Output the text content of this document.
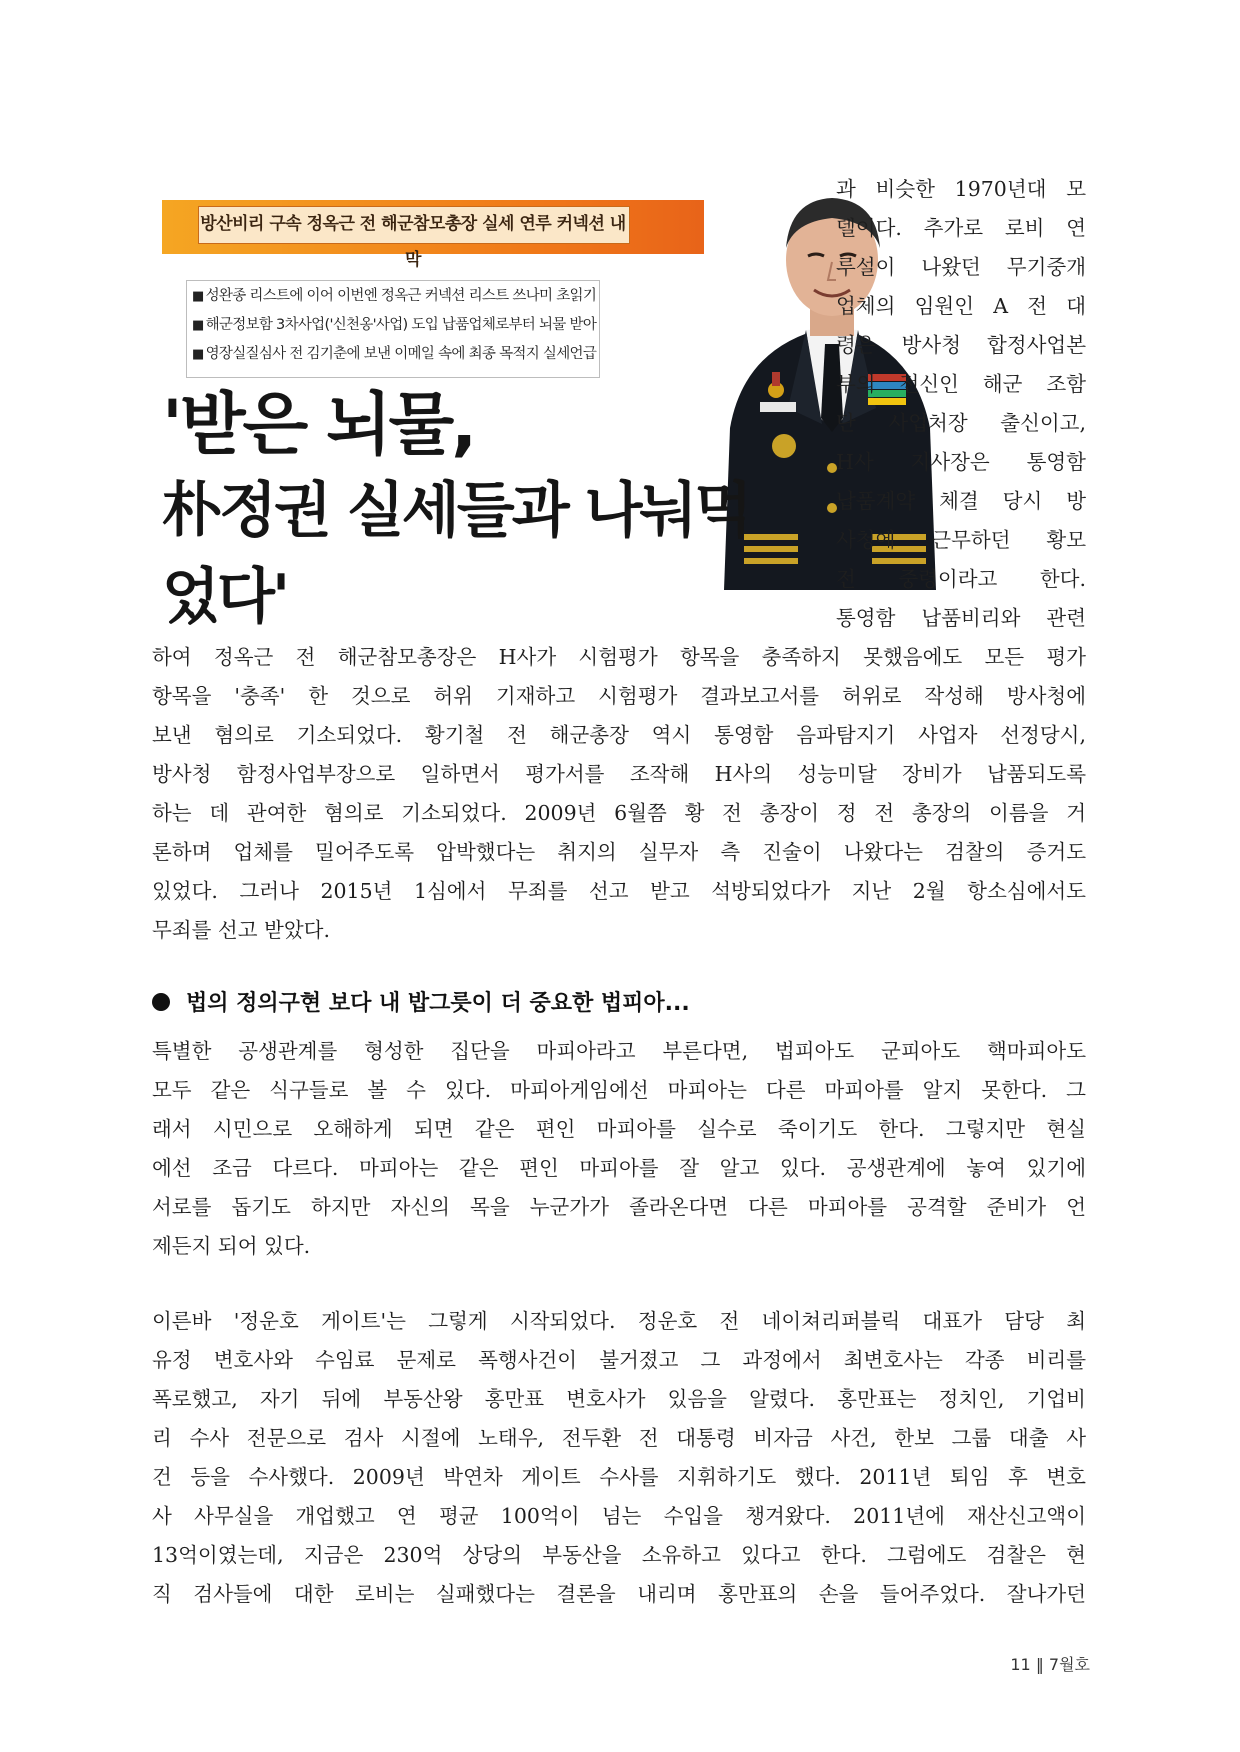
방산비리 구속 정옥근 전 해군참모총장 실세 연루 커넥션 내막
■ 성완종 리스트에 이어 이번엔 정옥근 커넥션 리스트 쓰나미 초읽기
■ 해군정보함 3차사업('신천옹'사업) 도입 납품업체로부터 뇌물 받아
■ 영장실질심사 전 김기춘에 보낸 이메일 속에 최종 목적지 실세언급
'받은 뇌물,
朴정권 실세들과 나눠먹었다'
과 비슷한 1970년대 모
델이다. 추가로 로비 연
루설이 나왔던 무기중개
업체의 임원인 A 전 대
령은 방사청 합정사업본
부의 전신인 해군 조함
단 사업처장 출신이고,
H사 지사장은 통영함
납품계약 체결 당시 방
사청에 근무하던 황모
전 중령이라고 한다.
통영함 납품비리와 관련
하여 정옥근 전 해군참모총장은 H사가 시험평가 항목을 충족하지 못했음에도 모든 평가
항목을 '충족' 한 것으로 허위 기재하고 시험평가 결과보고서를 허위로 작성해 방사청에
보낸 혐의로 기소되었다. 황기철 전 해군총장 역시 통영함 음파탐지기 사업자 선정당시,
방사청 함정사업부장으로 일하면서 평가서를 조작해 H사의 성능미달 장비가 납품되도록
하는 데 관여한 혐의로 기소되었다. 2009년 6월쯤 황 전 총장이 정 전 총장의 이름을 거
론하며 업체를 밀어주도록 압박했다는 취지의 실무자 측 진술이 나왔다는 검찰의 증거도
있었다. 그러나 2015년 1심에서 무죄를 선고 받고 석방되었다가 지난 2월 항소심에서도
무죄를 선고 받았다.
법의 정의구현 보다 내 밥그릇이 더 중요한 법피아...
특별한 공생관계를 형성한 집단을 마피아라고 부른다면, 법피아도 군피아도 핵마피아도
모두 같은 식구들로 볼 수 있다. 마피아게임에선 마피아는 다른 마피아를 알지 못한다. 그
래서 시민으로 오해하게 되면 같은 편인 마피아를 실수로 죽이기도 한다. 그렇지만 현실
에선 조금 다르다. 마피아는 같은 편인 마피아를 잘 알고 있다. 공생관계에 놓여 있기에
서로를 돕기도 하지만 자신의 목을 누군가가 졸라온다면 다른 마피아를 공격할 준비가 언
제든지 되어 있다.
이른바 '정운호 게이트'는 그렇게 시작되었다. 정운호 전 네이쳐리퍼블릭 대표가 담당 최
유정 변호사와 수임료 문제로 폭행사건이 불거졌고 그 과정에서 최변호사는 각종 비리를
폭로했고, 자기 뒤에 부동산왕 홍만표 변호사가 있음을 알렸다. 홍만표는 정치인, 기업비
리 수사 전문으로 검사 시절에 노태우, 전두환 전 대통령 비자금 사건, 한보 그룹 대출 사
건 등을 수사했다. 2009년 박연차 게이트 수사를 지휘하기도 했다. 2011년 퇴임 후 변호
사 사무실을 개업했고 연 평균 100억이 넘는 수입을 챙겨왔다. 2011년에 재산신고액이
13억이였는데, 지금은 230억 상당의 부동산을 소유하고 있다고 한다. 그럼에도 검찰은 현
직 검사들에 대한 로비는 실패했다는 결론을 내리며 홍만표의 손을 들어주었다. 잘나가던
11 ‖ 7월호
